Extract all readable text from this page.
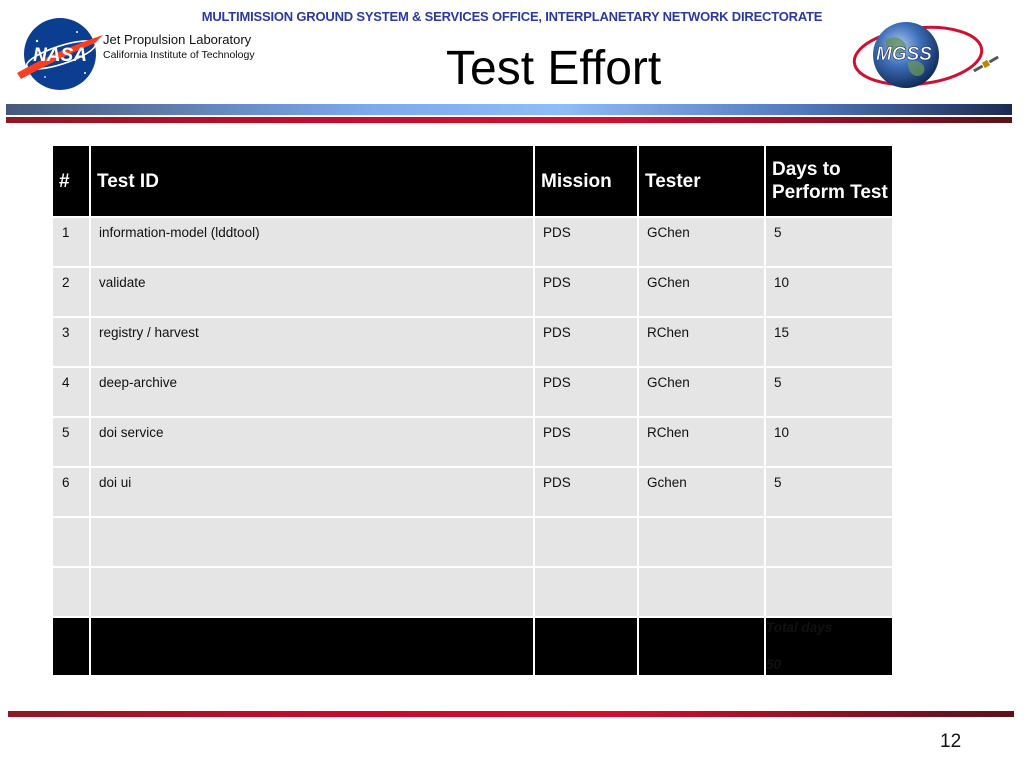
MULTIMISSION GROUND SYSTEM & SERVICES OFFICE, INTERPLANETARY NETWORK DIRECTORATE
NASA
Jet Propulsion Laboratory
California Institute of Technology	Test Effort	MGSS
#	Test ID	Mission	Tester	Days to Perform Test
1	information-model (lddtool)	PDS	GChen	5
2	validate	PDS	GChen	10
3	registry / harvest	PDS	RChen	15
4	deep-archive	PDS	GChen	5
5	doi service	PDS	RChen	10
6	doi ui	PDS	Gchen	5

				Total days
50
12
